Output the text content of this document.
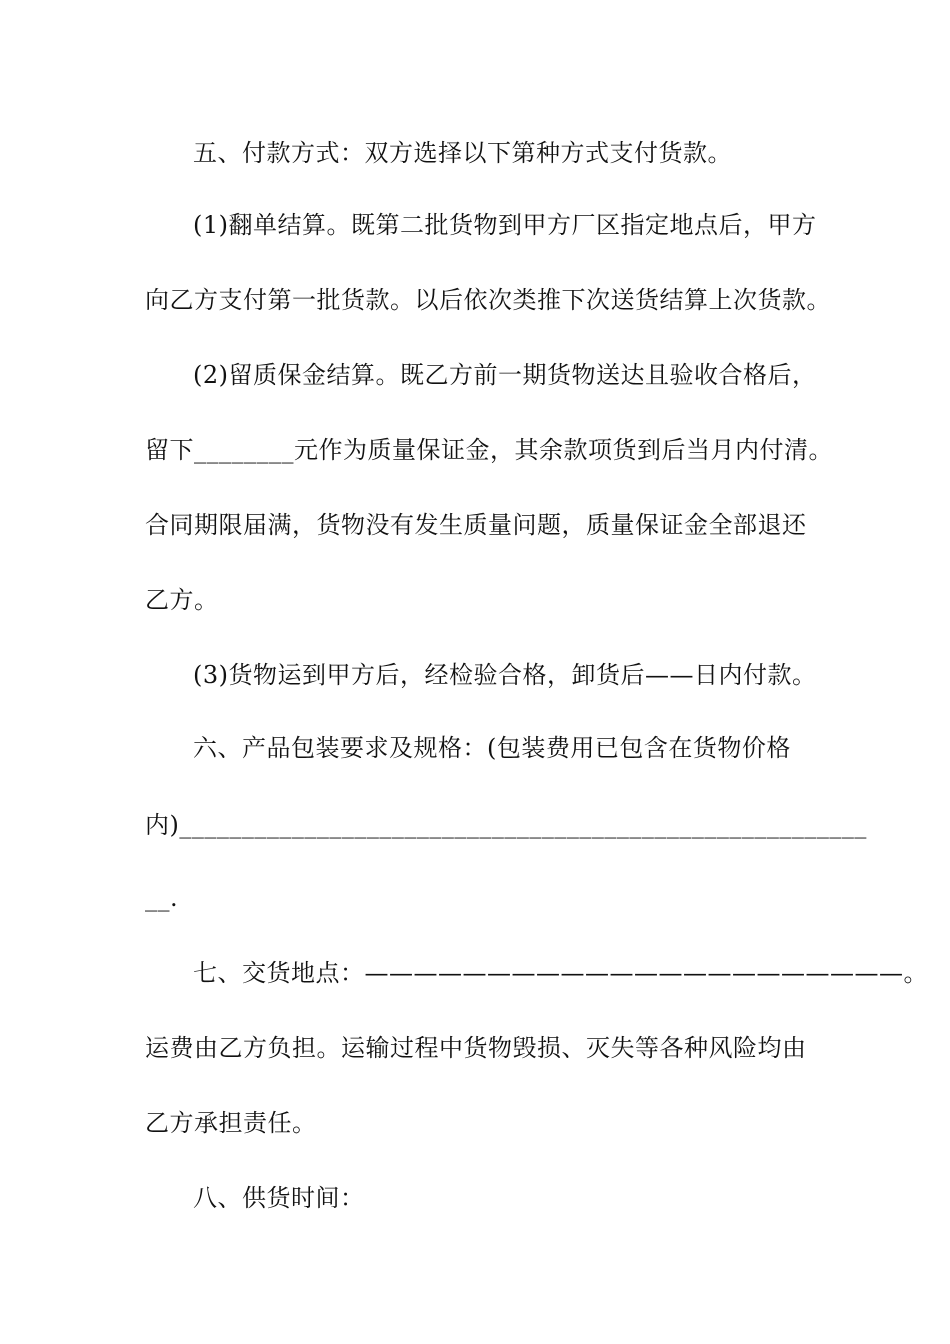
五、付款方式：双方选择以下第种方式支付货款。
(1)翻单结算。既第二批货物到甲方厂区指定地点后，甲方
向乙方支付第一批货款。以后依次类推下次送货结算上次货款。
(2)留质保金结算。既乙方前一期货物送达且验收合格后，
留下________元作为质量保证金，其余款项货到后当月内付清。
合同期限届满，货物没有发生质量问题，质量保证金全部退还
乙方。
(3)货物运到甲方后，经检验合格，卸货后——日内付款。
六、产品包装要求及规格：(包装费用已包含在货物价格
内)_______________________________________________________
__.
七、交货地点：——————————————————————。
运费由乙方负担。运输过程中货物毁损、灭失等各种风险均由
乙方承担责任。
八、供货时间：
